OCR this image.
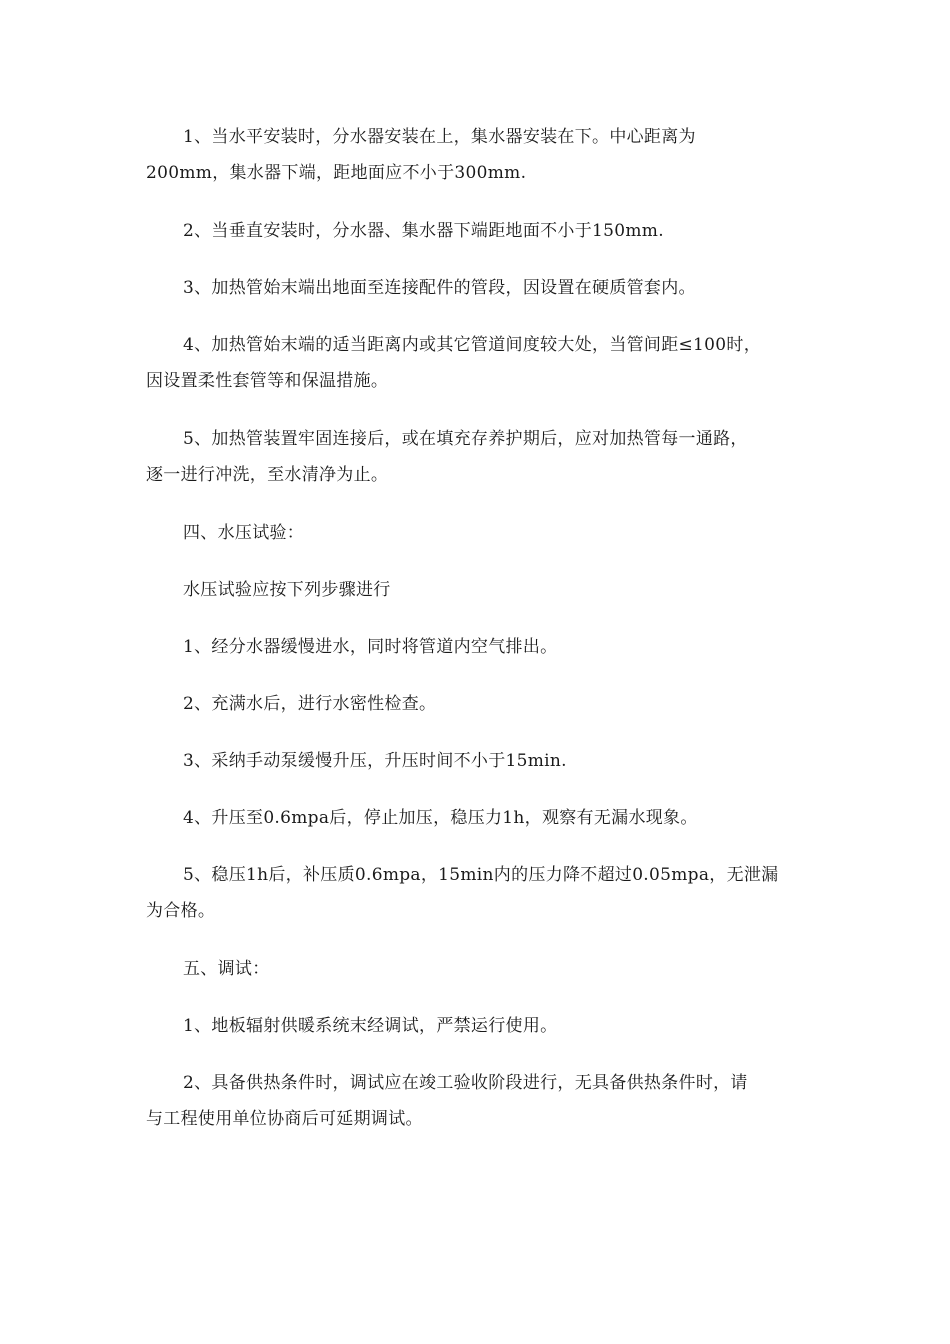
1、当水平安装时，分水器安装在上，集水器安装在下。中心距离为
200mm，集水器下端，距地面应不小于300mm.

2、当垂直安装时，分水器、集水器下端距地面不小于150mm.

3、加热管始末端出地面至连接配件的管段，因设置在硬质管套内。

4、加热管始末端的适当距离内或其它管道间度较大处，当管间距≤100时，
因设置柔性套管等和保温措施。

5、加热管装置牢固连接后，或在填充存养护期后，应对加热管每一通路，
逐一进行冲洗，至水清净为止。

四、水压试验：

水压试验应按下列步骤进行

1、经分水器缓慢进水，同时将管道内空气排出。

2、充满水后，进行水密性检查。

3、采纳手动泵缓慢升压，升压时间不小于15min.

4、升压至0.6mpa后，停止加压，稳压力1h，观察有无漏水现象。

5、稳压1h后，补压质0.6mpa，15min内的压力降不超过0.05mpa，无泄漏
为合格。

五、调试：

1、地板辐射供暖系统末经调试，严禁运行使用。

2、具备供热条件时，调试应在竣工验收阶段进行，无具备供热条件时，请
与工程使用单位协商后可延期调试。
